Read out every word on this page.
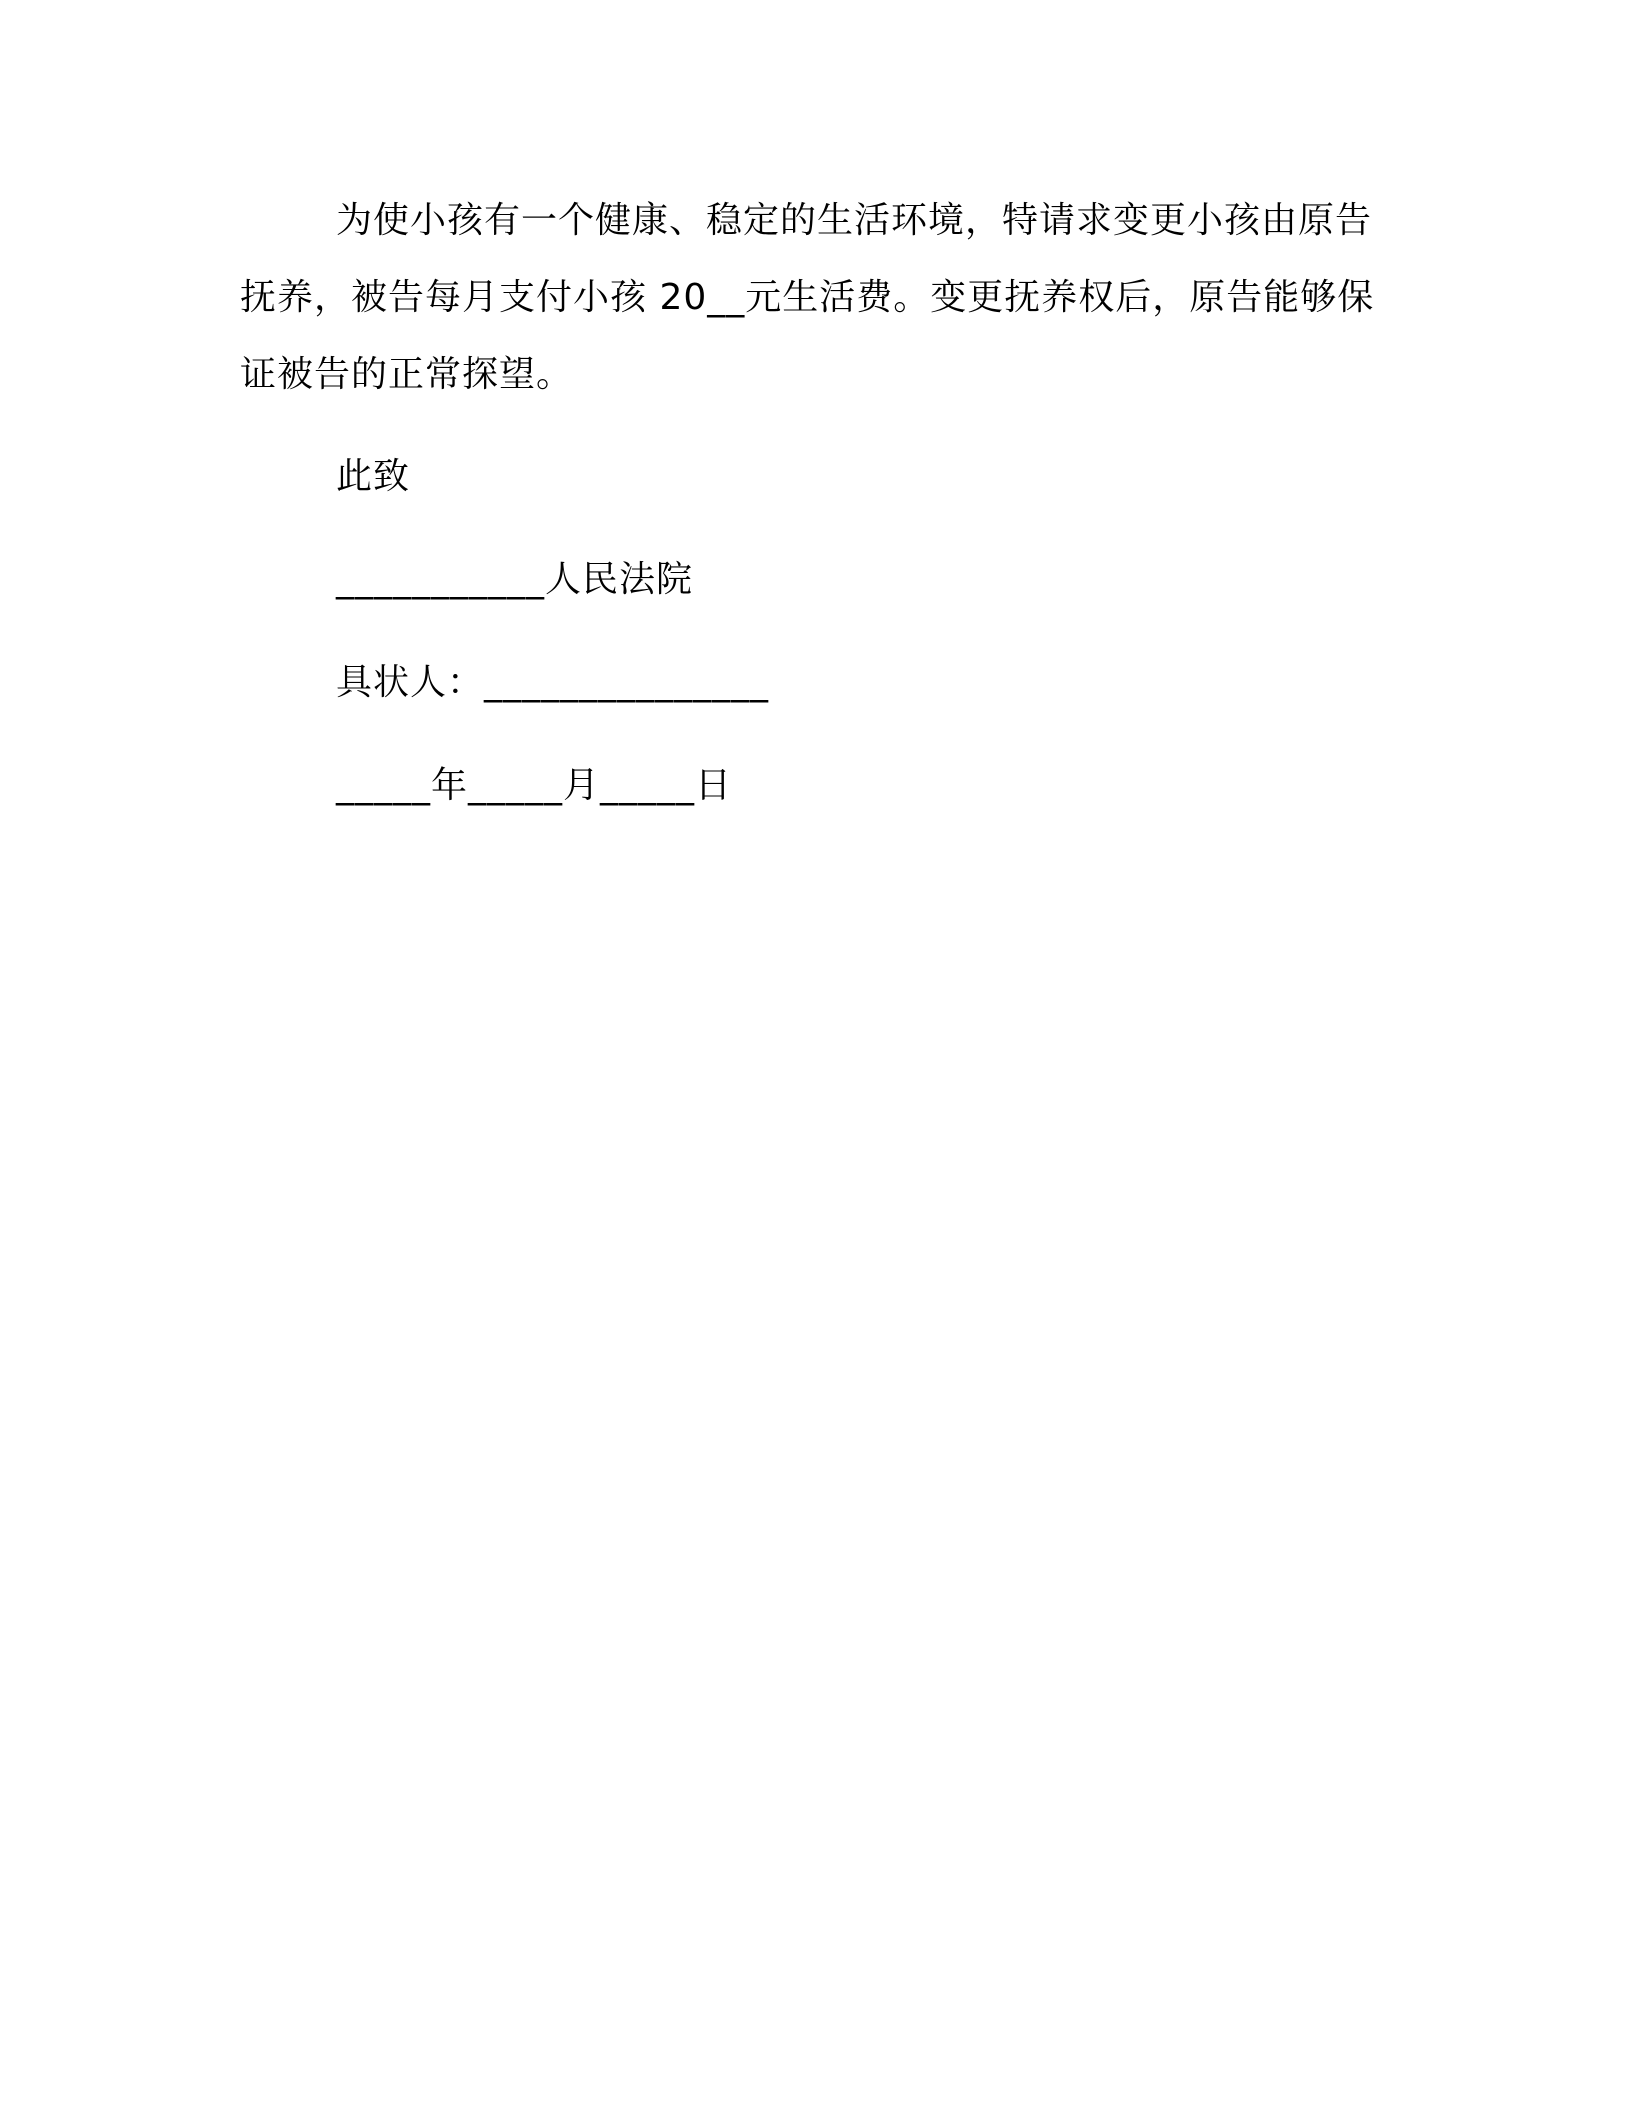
为使小孩有一个健康、稳定的生活环境，特请求变更小孩由原告抚养，被告每月支付小孩 20__元生活费。变更抚养权后，原告能够保证被告的正常探望。

此致

___________人民法院

具状人：_______________

_____年_____月_____日
